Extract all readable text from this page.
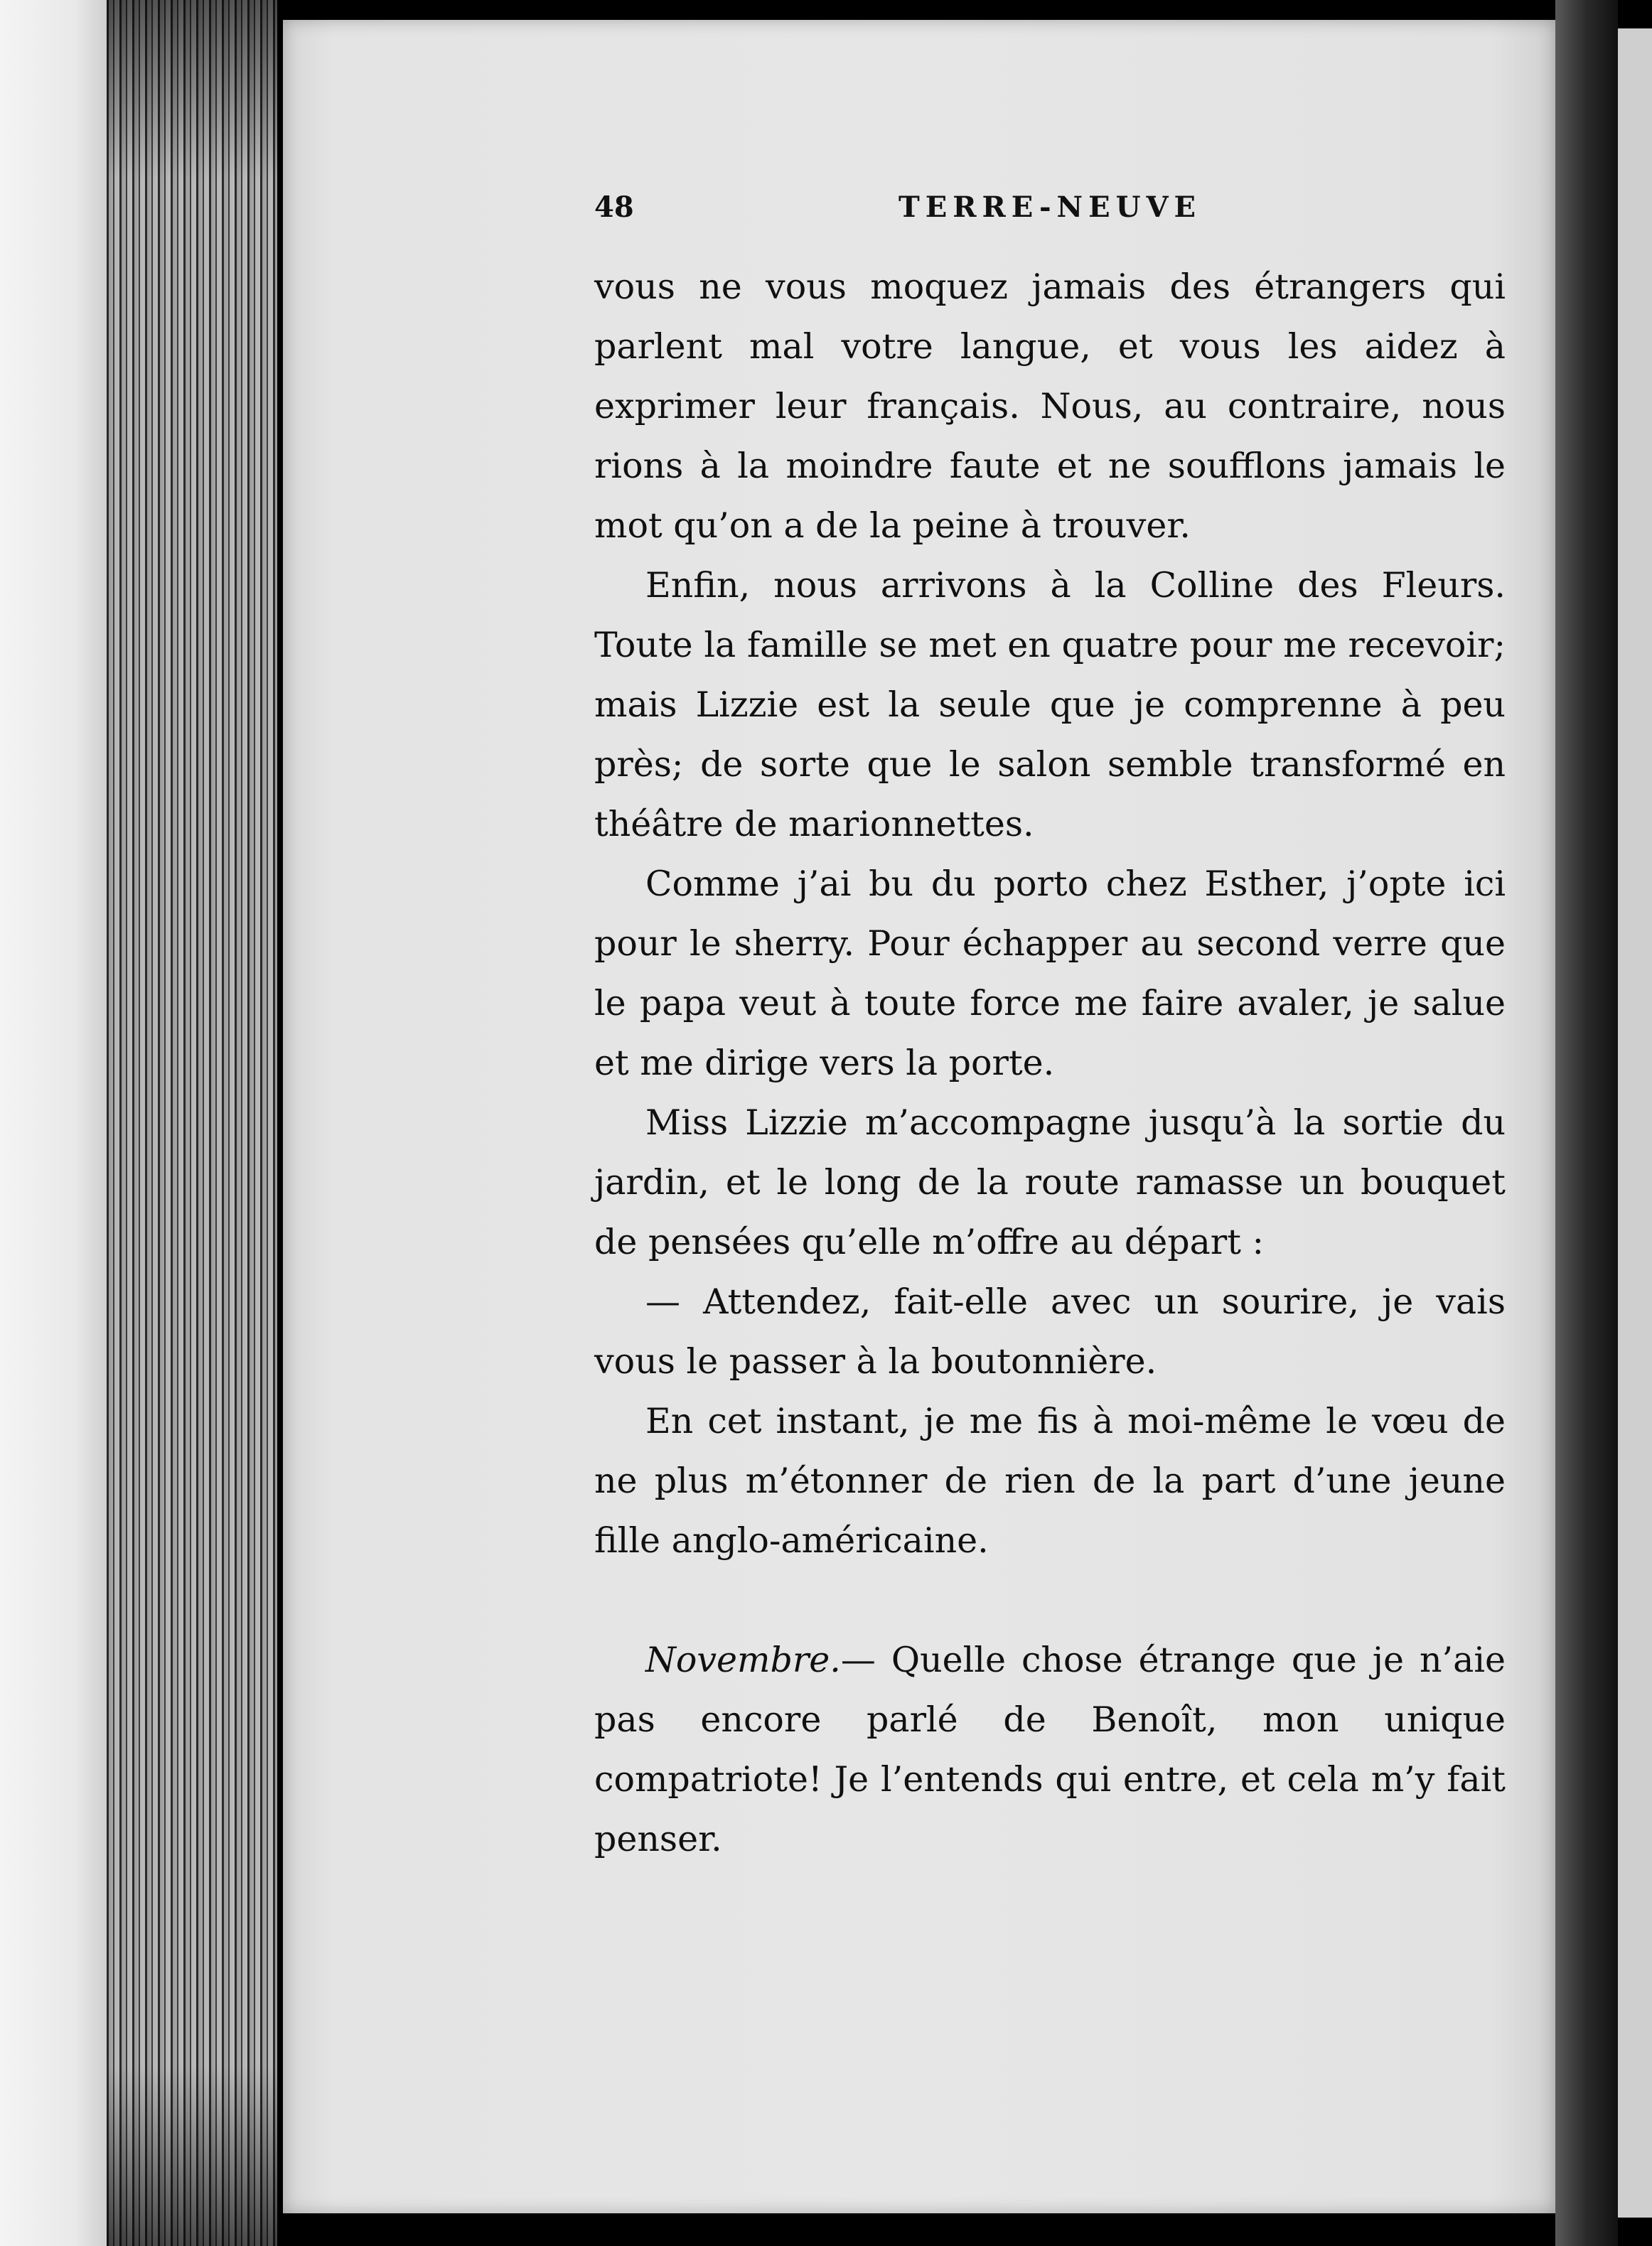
48	TERRE-NEUVE

vous ne vous moquez jamais des étrangers qui parlent mal votre langue, et vous les aidez à exprimer leur français. Nous, au contraire, nous rions à la moindre faute et ne soufflons jamais le mot qu’on a de la peine à trouver.

Enfin, nous arrivons à la Colline des Fleurs. Toute la famille se met en quatre pour me recevoir; mais Lizzie est la seule que je comprenne à peu près; de sorte que le salon semble transformé en théâtre de marionnettes.

Comme j’ai bu du porto chez Esther, j’opte ici pour le sherry. Pour échapper au second verre que le papa veut à toute force me faire avaler, je salue et me dirige vers la porte.

Miss Lizzie m’accompagne jusqu’à la sortie du jardin, et le long de la route ramasse un bouquet de pensées qu’elle m’offre au départ :

— Attendez, fait-elle avec un sourire, je vais vous le passer à la boutonnière.

En cet instant, je me fis à moi-même le vœu de ne plus m’étonner de rien de la part d’une jeune fille anglo-américaine.

Novembre.— Quelle chose étrange que je n’aie pas encore parlé de Benoît, mon unique compatriote! Je l’entends qui entre, et cela m’y fait penser.
